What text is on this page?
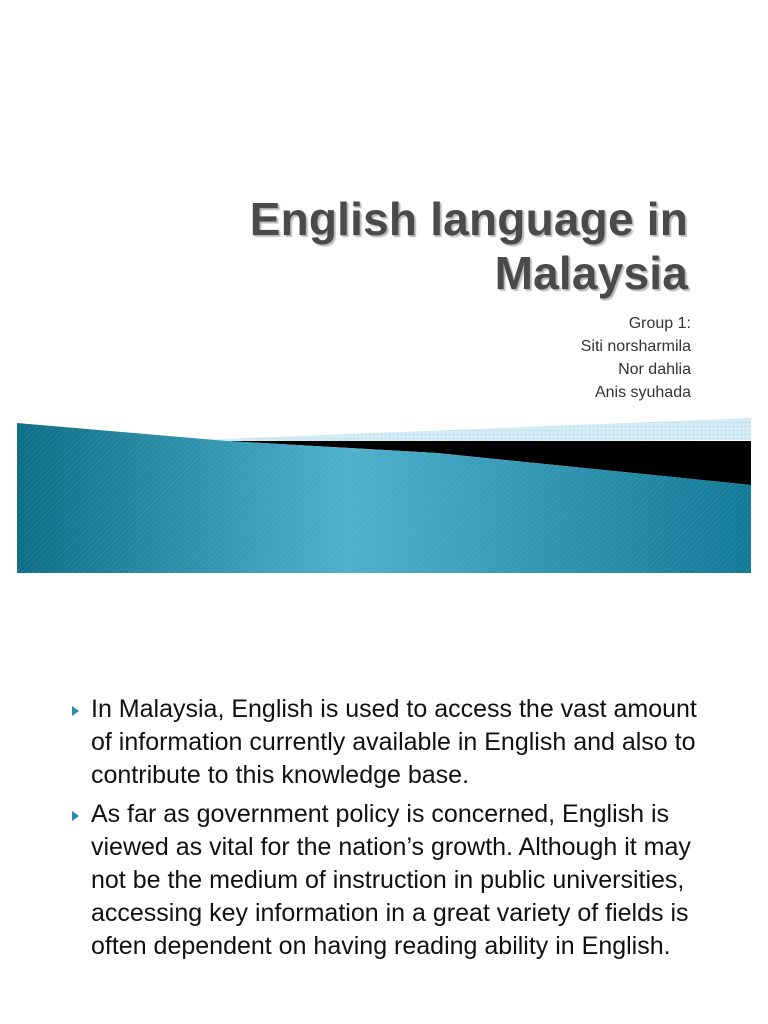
English language in
Malaysia
Group 1:
Siti norsharmila
Nor dahlia
Anis syuhada
In Malaysia, English is used to access the vast amount of information currently available in English and also to contribute to this knowledge base.
As far as government policy is concerned, English is viewed as vital for the nation’s growth. Although it may not be the medium of instruction in public universities, accessing key information in a great variety of fields is often dependent on having reading ability in English.
